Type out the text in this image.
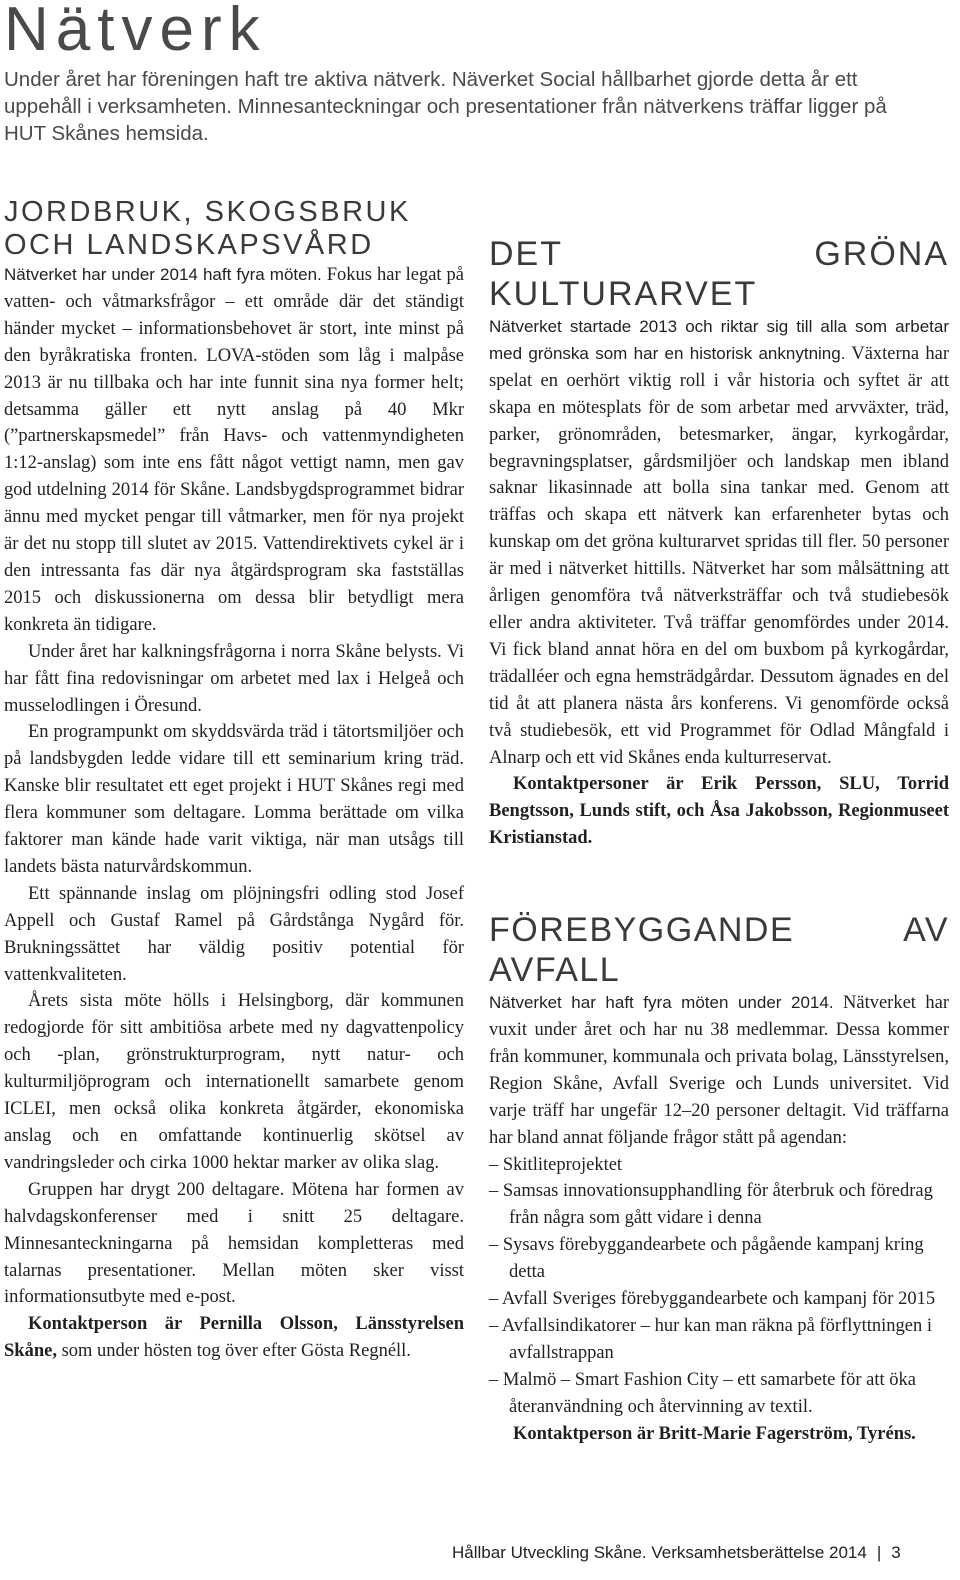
Nätverk
Under året har föreningen haft tre aktiva nätverk. Näverket Social hållbarhet gjorde detta år ett uppehåll i verksamheten. Minnesanteckningar och presentationer från nätverkens träffar ligger på HUT Skånes hemsida.
JORDBRUK, SKOGSBRUK
OCH LANDSKAPSVÅRD

Nätverket har under 2014 haft fyra möten. Fokus har legat på vatten- och våtmarksfrågor – ett område där det ständigt händer mycket – informationsbehovet är stort, inte minst på den byråkratiska fronten. LOVA-stöden som låg i malpåse 2013 är nu tillbaka och har inte funnit sina nya former helt; detsamma gäller ett nytt anslag på 40 Mkr (”partnerskapsmedel” från Havs- och vattenmyndigheten 1:12-anslag) som inte ens fått något vettigt namn, men gav god utdelning 2014 för Skåne. Landsbygdsprogrammet bidrar ännu med mycket pengar till våtmarker, men för nya projekt är det nu stopp till slutet av 2015. Vattendirektivets cykel är i den intressanta fas där nya åtgärdsprogram ska fastställas 2015 och diskussionerna om dessa blir betydligt mera konkreta än tidigare.

Under året har kalkningsfrågorna i norra Skåne belysts. Vi har fått fina redovisningar om arbetet med lax i Helgeå och musselodlingen i Öresund.

En programpunkt om skyddsvärda träd i tätortsmiljöer och på landsbygden ledde vidare till ett seminarium kring träd. Kanske blir resultatet ett eget projekt i HUT Skånes regi med flera kommuner som deltagare. Lomma berättade om vilka faktorer man kände hade varit viktiga, när man utsågs till landets bästa naturvårdskommun.

Ett spännande inslag om plöjningsfri odling stod Josef Appell och Gustaf Ramel på Gårdstånga Nygård för. Brukningssättet har väldig positiv potential för vattenkvaliteten.

Årets sista möte hölls i Helsingborg, där kommunen redogjorde för sitt ambitiösa arbete med ny dagvattenpolicy och -plan, grönstrukturprogram, nytt natur- och kulturmiljöprogram och internationellt samarbete genom ICLEI, men också olika konkreta åtgärder, ekonomiska anslag och en omfattande kontinuerlig skötsel av vandringsleder och cirka 1000 hektar marker av olika slag.

Gruppen har drygt 200 deltagare. Mötena har formen av halvdagskonferenser med i snitt 25 deltagare. Minnesanteckningarna på hemsidan kompletteras med talarnas presentationer. Mellan möten sker visst informationsutbyte med e-post.

Kontaktperson är Pernilla Olsson, Länsstyrelsen Skåne, som under hösten tog över efter Gösta Regnéll.

DET GRÖNA KULTURARVET

Nätverket startade 2013 och riktar sig till alla som arbetar med grönska som har en historisk anknytning. Växterna har spelat en oerhört viktig roll i vår historia och syftet är att skapa en mötesplats för de som arbetar med arvväxter, träd, parker, grönområden, betesmarker, ängar, kyrkogårdar, begravningsplatser, gårdsmiljöer och landskap men ibland saknar likasinnade att bolla sina tankar med. Genom att träffas och skapa ett nätverk kan erfarenheter bytas och kunskap om det gröna kulturarvet spridas till fler. 50 personer är med i nätverket hittills. Nätverket har som målsättning att årligen genomföra två nätverksträffar och två studiebesök eller andra aktiviteter. Två träffar genomfördes under 2014. Vi fick bland annat höra en del om buxbom på kyrkogårdar, trädalléer och egna hemsträdgårdar. Dessutom ägnades en del tid åt att planera nästa års konferens. Vi genomförde också två studiebesök, ett vid Programmet för Odlad Mångfald i Alnarp och ett vid Skånes enda kulturreservat.

Kontaktpersoner är Erik Persson, SLU, Torrid Bengtsson, Lunds stift, och Åsa Jakobsson, Regionmuseet Kristianstad.

FÖREBYGGANDE AV AVFALL

Nätverket har haft fyra möten under 2014. Nätverket har vuxit under året och har nu 38 medlemmar. Dessa kommer från kommuner, kommunala och privata bolag, Länsstyrelsen, Region Skåne, Avfall Sverige och Lunds universitet. Vid varje träff har ungefär 12–20 personer deltagit. Vid träffarna har bland annat följande frågor stått på agendan:

– Skitliteprojektet
– Samsas innovationsupphandling för återbruk och föredrag från några som gått vidare i denna
– Sysavs förebyggandearbete och pågående kampanj kring detta
– Avfall Sveriges förebyggandearbete och kampanj för 2015
– Avfallsindikatorer – hur kan man räkna på förflyttningen i avfallstrappan
– Malmö – Smart Fashion City – ett samarbete för att öka återanvändning och återvinning av textil.

Kontaktperson är Britt-Marie Fagerström, Tyréns.

Hållbar Utveckling Skåne. Verksamhetsberättelse 2014 | 3
